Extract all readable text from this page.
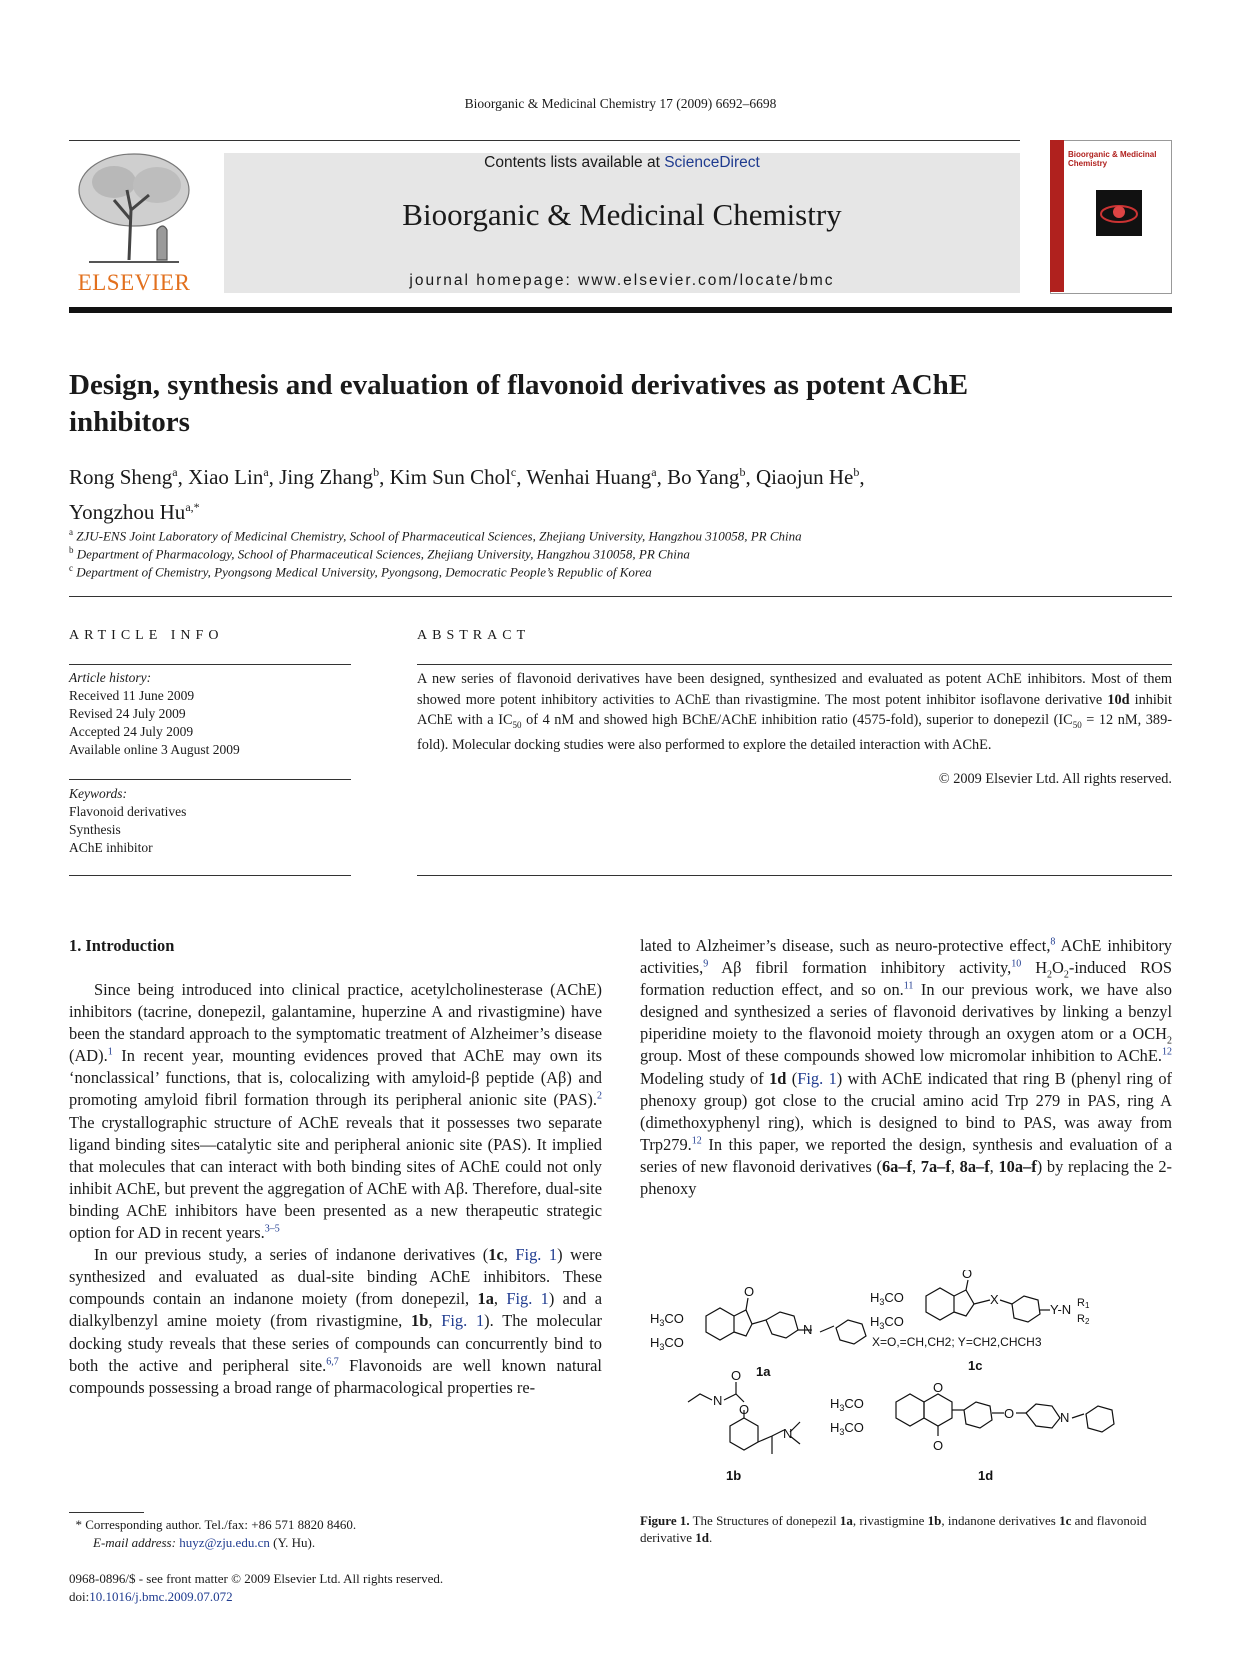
Bioorganic & Medicinal Chemistry 17 (2009) 6692–6698
ELSEVIER
Contents lists available at ScienceDirect
Bioorganic & Medicinal Chemistry
journal homepage: www.elsevier.com/locate/bmc
Bioorganic & Medicinal Chemistry
Design, synthesis and evaluation of flavonoid derivatives as potent AChE inhibitors
Rong Sheng$^a$, Xiao Lin$^a$, Jing Zhang$^b$, Kim Sun Chol$^c$, Wenhai Huang$^a$, Bo Yang$^b$, Qiaojun He$^b$,
Yongzhou $Hu^{a,*}$
$^a$ ZJU-ENS Joint Laboratory of Medicinal Chemistry, School of Pharmaceutical Sciences, Zhejiang University, Hangzhou 310058, PR China
$^b$ Department of Pharmacology, School of Pharmaceutical Sciences, Zhejiang University, Hangzhou 310058, PR China
$^c$ Department of Chemistry, Pyongsong Medical University, Pyongsong, Democratic People’s Republic of Korea
ARTICLE INFO	ABSTRACT
Article history:
Received 11 June 2009
Revised 24 July 2009
Accepted 24 July 2009
Available online 3 August 2009
Keywords:
Flavonoid derivatives
Synthesis
AChE inhibitor
A new series of flavonoid derivatives have been designed, synthesized and evaluated as potent AChE inhibitors. Most of them showed more potent inhibitory activities to AChE than rivastigmine. The most potent inhibitor isoflavone derivative 10d inhibit AChE with a $IC_{50}$ of 4 nM and showed high BChE/AChE inhibition ratio (4575-fold), superior to donepezil ($IC_{50} = 12$ nM, 389-fold). Molecular docking studies were also performed to explore the detailed interaction with AChE.
© 2009 Elsevier Ltd. All rights reserved.
1. Introduction

Since being introduced into clinical practice, acetylcholinesterase (AChE) inhibitors (tacrine, donepezil, galantamine, huperzine A and rivastigmine) have been the standard approach to the symptomatic treatment of Alzheimer’s disease (AD).$^1$ In recent year, mounting evidences proved that AChE may own its ‘nonclassical’ functions, that is, colocalizing with amyloid-β peptide (Aβ) and promoting amyloid fibril formation through its peripheral anionic site (PAS).$^2$ The crystallographic structure of AChE reveals that it possesses two separate ligand binding sites—catalytic site and peripheral anionic site (PAS). It implied that molecules that can interact with both binding sites of AChE could not only inhibit AChE, but prevent the aggregation of AChE with Aβ. Therefore, dual-site binding AChE inhibitors have been presented as a new therapeutic strategic option for AD in recent years.$^{3-5}$

In our previous study, a series of indanone derivatives (1c, Fig. 1) were synthesized and evaluated as dual-site binding AChE inhibitors. These compounds contain an indanone moiety (from donepezil, 1a, Fig. 1) and a dialkylbenzyl amine moiety (from rivastigmine, 1b, Fig. 1). The molecular docking study reveals that these series of compounds can concurrently bind to both the active and peripheral site.$^{6,7}$ Flavonoids are well known natural compounds possessing a broad range of pharmacological properties re-

lated to Alzheimer’s disease, such as neuro-protective effect,$^8$ AChE inhibitory activities,$^9$ Aβ fibril formation inhibitory activity,$^{10}$ $H_2O_2$-induced ROS formation reduction effect, and so on.$^{11}$ In our previous work, we have also designed and synthesized a series of flavonoid derivatives by linking a benzyl piperidine moiety to the flavonoid moiety through an oxygen atom or a $OCH_2$ group. Most of these compounds showed low micromolar inhibition to AChE.$^{12}$ Modeling study of 1d (Fig. 1) with AChE indicated that ring B (phenyl ring of phenoxy group) got close to the crucial amino acid Trp 279 in PAS, ring A (dimethoxyphenyl ring), which is designed to bind to PAS, was away from Trp279.12 In this paper, we reported the design, synthesis and evaluation of a series of new flavonoid derivatives (6a–f, 7a–f, 8a–f, 10a–f) by replacing the 2-phenoxy

$H_3CO$
$H_3CO$
O
N
1a
$H_3CO$
$H_3CO$
O
X
Y-N R1
R2
X=O,=CH,CH2; Y=CH2,CHCH3
1c
N
O
O
N
1b
$H_3CO$
$H_3CO$
O
O
O	N
1d
Figure 1. The Structures of donepezil 1a, rivastigmine 1b, indanone derivatives 1c and flavonoid derivative 1d.
* Corresponding author. Tel./fax: +86 571 8820 8460.
E-mail address: huyz@zju.edu.cn (Y. Hu).
0968-0896/$ - see front matter © 2009 Elsevier Ltd. All rights reserved.
doi:10.1016/j.bmc.2009.07.072
